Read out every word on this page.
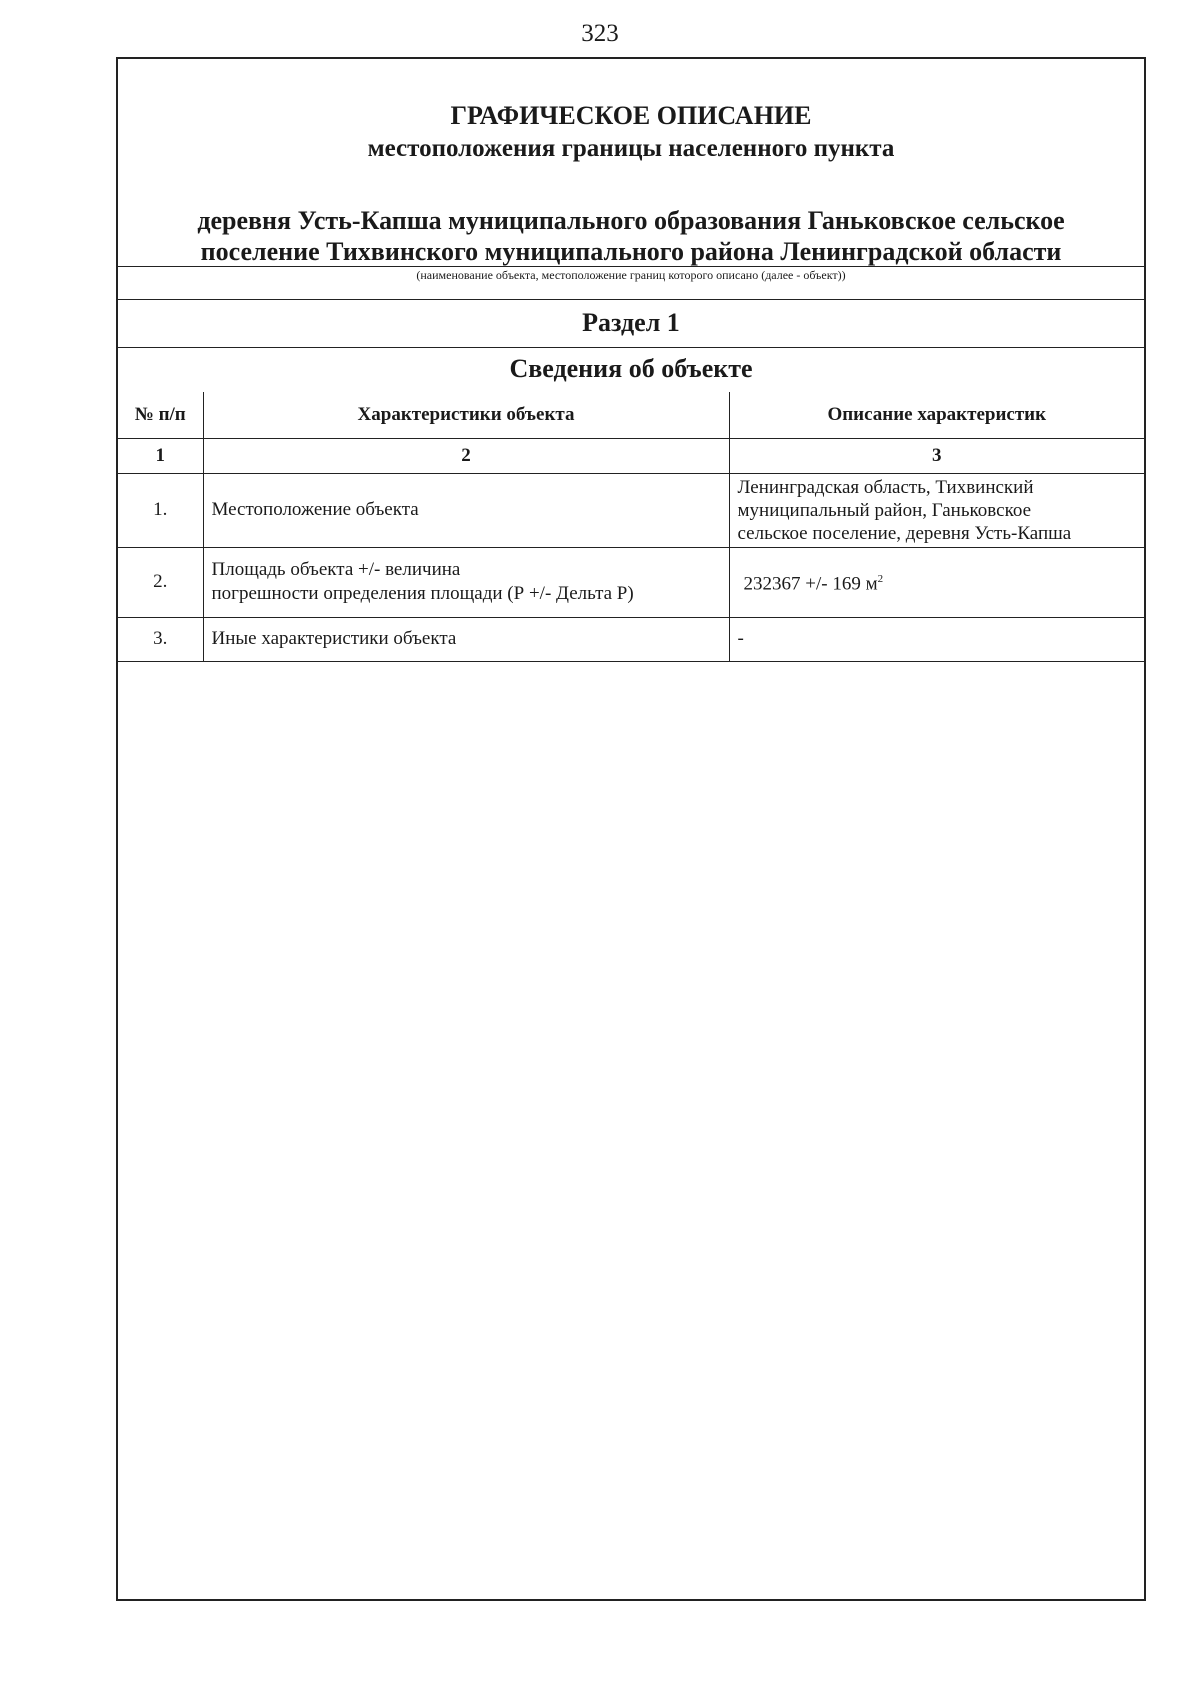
323
ГРАФИЧЕСКОЕ ОПИСАНИЕ
местоположения границы населенного пункта
деревня Усть-Капша муниципального образования Ганьковское сельское
поселение Тихвинского муниципального района Ленинградской области
(наименование объекта, местоположение границ которого описано (далее - объект))
Раздел 1
Сведения об объекте
№ п/п	Характеристики объекта	Описание характеристик
1	2	3
1.	Местоположение объекта	Ленинградская область, Тихвинский
муниципальный район, Ганьковское
сельское поселение, деревня Усть-Капша

2.	Площадь объекта +/- величина
погрешности определения площади (Р +/- Дельта Р)	232367 +/- 169 $м^2$
3.	Иные характеристики объекта	-
